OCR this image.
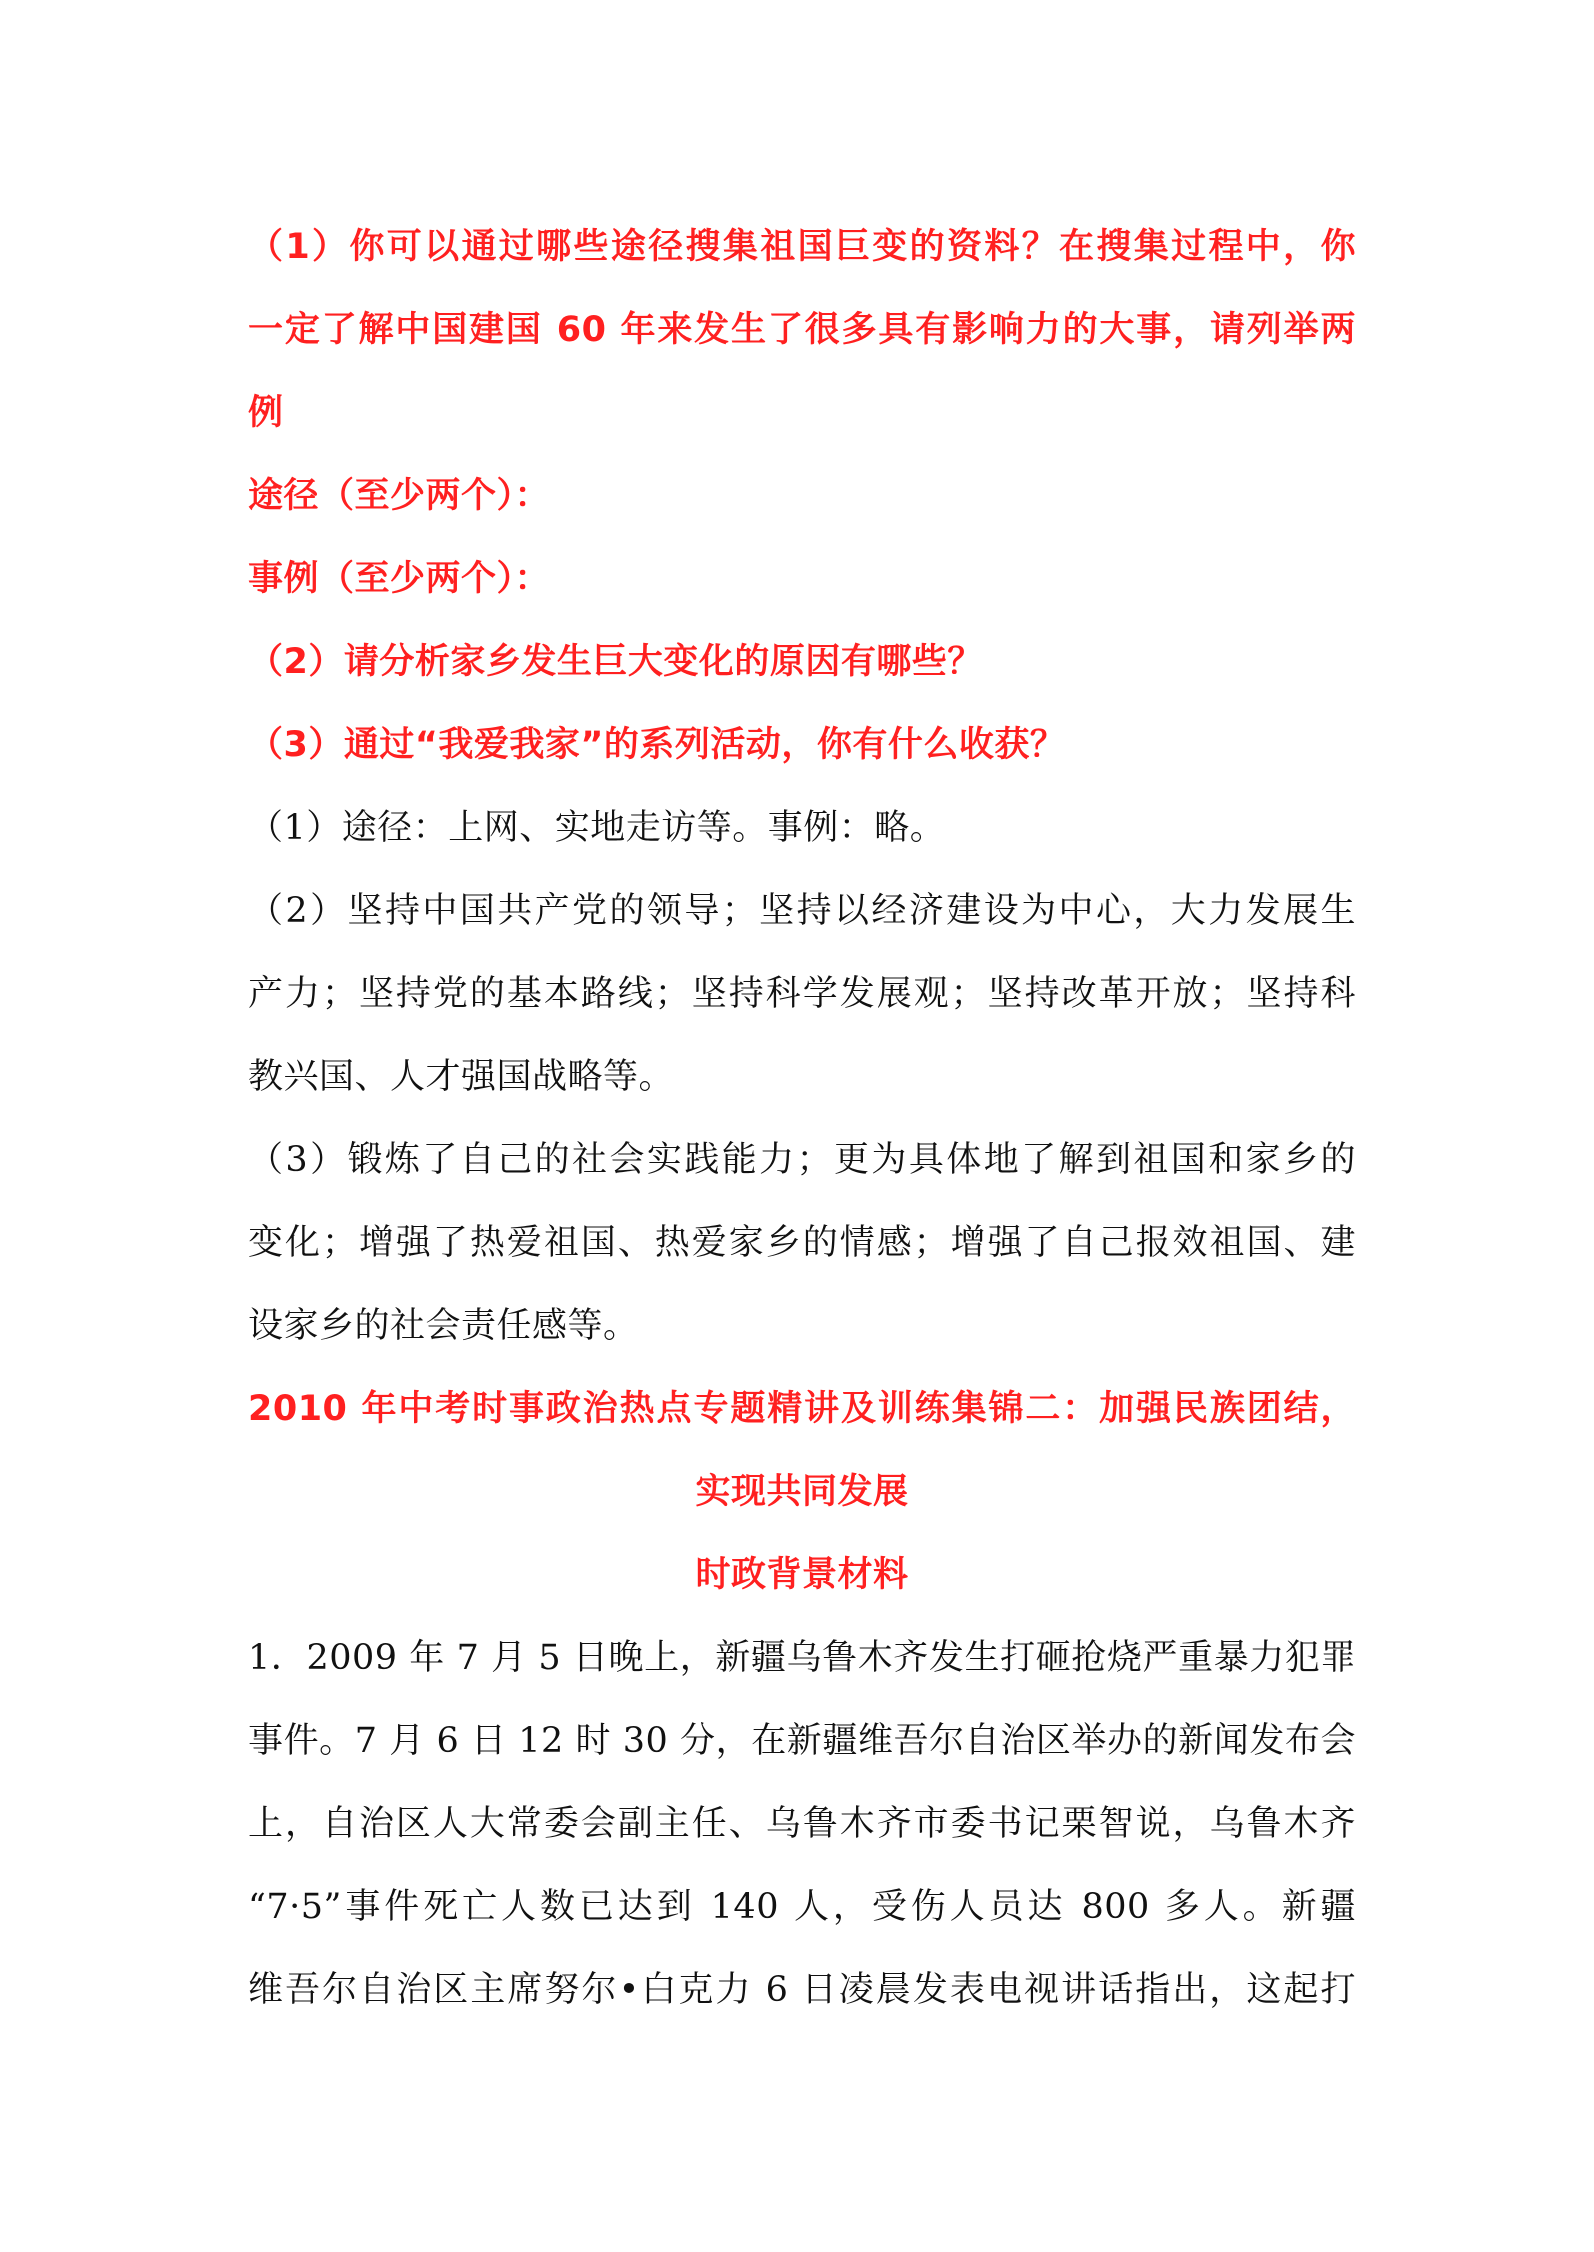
（1）你可以通过哪些途径搜集祖国巨变的资料？在搜集过程中，你
一定了解中国建国 60 年来发生了很多具有影响力的大事，请列举两
例
途径（至少两个）：
事例（至少两个）：
（2）请分析家乡发生巨大变化的原因有哪些？
（3）通过“我爱我家”的系列活动，你有什么收获？
（1）途径：上网、实地走访等。事例：略。
（2）坚持中国共产党的领导；坚持以经济建设为中心，大力发展生
产力；坚持党的基本路线；坚持科学发展观；坚持改革开放；坚持科
教兴国、人才强国战略等。
（3）锻炼了自己的社会实践能力；更为具体地了解到祖国和家乡的
变化；增强了热爱祖国、热爱家乡的情感；增强了自己报效祖国、建
设家乡的社会责任感等。
2010 年中考时事政治热点专题精讲及训练集锦二：加强民族团结，
实现共同发展
时政背景材料
1．2009 年 7 月 5 日晚上，新疆乌鲁木齐发生打砸抢烧严重暴力犯罪
事件。7 月 6 日 12 时 30 分，在新疆维吾尔自治区举办的新闻发布会
上，自治区人大常委会副主任、乌鲁木齐市委书记栗智说，乌鲁木齐
“7·5”事件死亡人数已达到 140 人，受伤人员达 800 多人。新疆
维吾尔自治区主席努尔•白克力 6 日凌晨发表电视讲话指出，这起打
